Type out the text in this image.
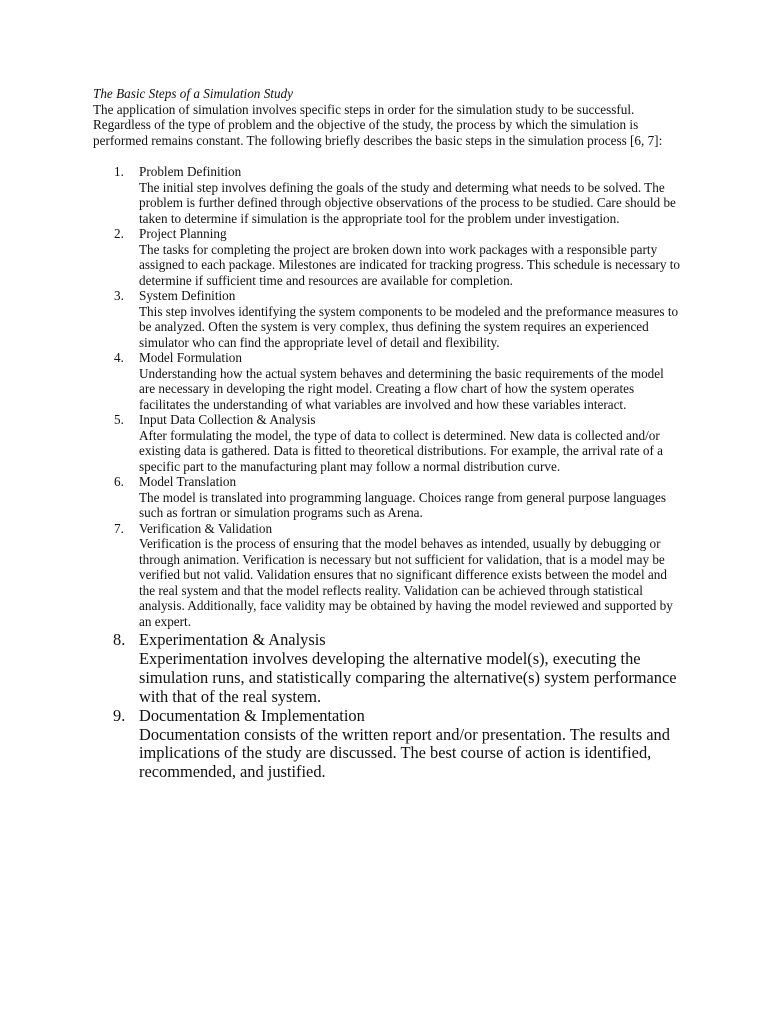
The Basic Steps of a Simulation Study

The application of simulation involves specific steps in order for the simulation study to be successful. Regardless of the type of problem and the objective of the study, the process by which the simulation is performed remains constant. The following briefly describes the basic steps in the simulation process [6, 7]:

1. Problem Definition
The initial step involves defining the goals of the study and determing what needs to be solved. The problem is further defined through objective observations of the process to be studied. Care should be taken to determine if simulation is the appropriate tool for the problem under investigation.
2. Project Planning
The tasks for completing the project are broken down into work packages with a responsible party assigned to each package. Milestones are indicated for tracking progress. This schedule is necessary to determine if sufficient time and resources are available for completion.
3. System Definition
This step involves identifying the system components to be modeled and the preformance measures to be analyzed. Often the system is very complex, thus defining the system requires an experienced simulator who can find the appropriate level of detail and flexibility.
4. Model Formulation
Understanding how the actual system behaves and determining the basic requirements of the model are necessary in developing the right model. Creating a flow chart of how the system operates facilitates the understanding of what variables are involved and how these variables interact.
5. Input Data Collection & Analysis
After formulating the model, the type of data to collect is determined. New data is collected and/or existing data is gathered. Data is fitted to theoretical distributions. For example, the arrival rate of a specific part to the manufacturing plant may follow a normal distribution curve.
6. Model Translation
The model is translated into programming language. Choices range from general purpose languages such as fortran or simulation programs such as Arena.
7. Verification & Validation
Verification is the process of ensuring that the model behaves as intended, usually by debugging or through animation. Verification is necessary but not sufficient for validation, that is a model may be verified but not valid. Validation ensures that no significant difference exists between the model and the real system and that the model reflects reality. Validation can be achieved through statistical analysis. Additionally, face validity may be obtained by having the model reviewed and supported by an expert.
8. Experimentation & Analysis
Experimentation involves developing the alternative model(s), executing the simulation runs, and statistically comparing the alternative(s) system performance with that of the real system.
9. Documentation & Implementation
Documentation consists of the written report and/or presentation. The results and implications of the study are discussed. The best course of action is identified, recommended, and justified.
